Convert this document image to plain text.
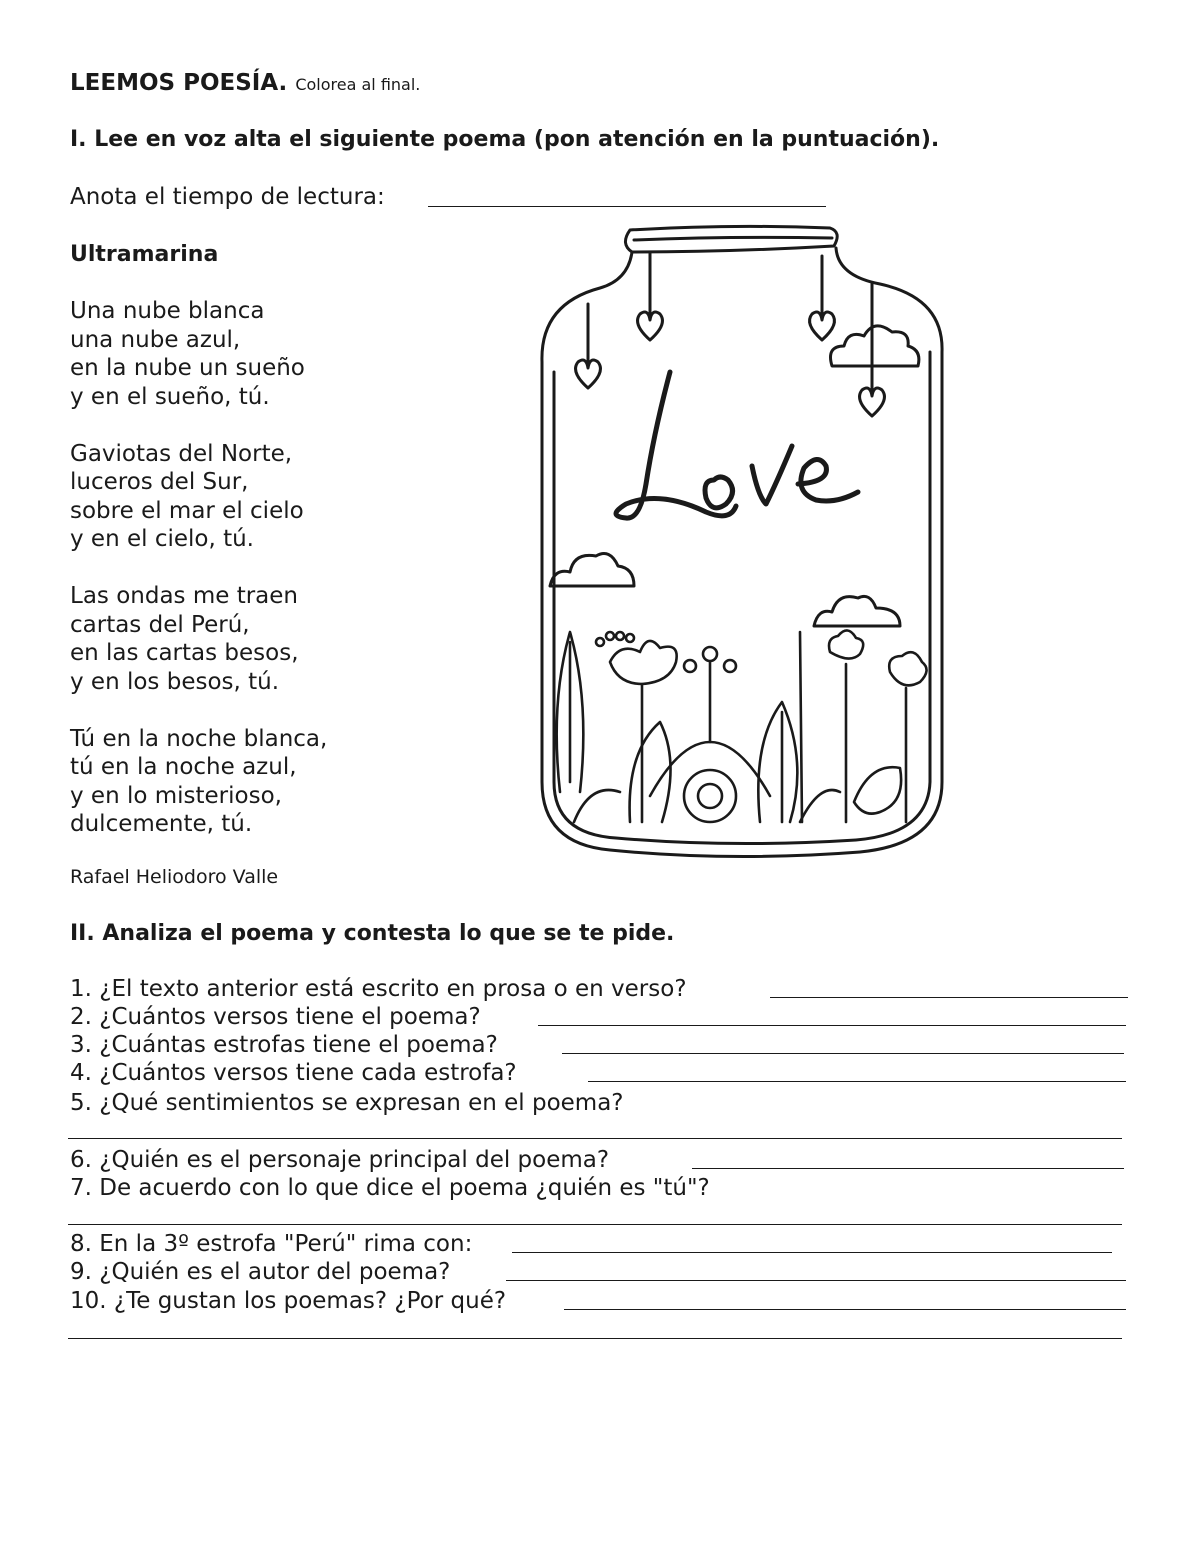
LEEMOS POESÍA. Colorea al final.
I. Lee en voz alta el siguiente poema (pon atención en la puntuación).
Anota el tiempo de lectura:
Ultramarina
Una nube blanca
una nube azul,
en la nube un sueño
y en el sueño, tú.
Gaviotas del Norte,
luceros del Sur,
sobre el mar el cielo
y en el cielo, tú.
Las ondas me traen
cartas del Perú,
en las cartas besos,
y en los besos, tú.
Tú en la noche blanca,
tú en la noche azul,
y en lo misterioso,
dulcemente, tú.
Rafael Heliodoro Valle
II. Analiza el poema y contesta lo que se te pide.
1. ¿El texto anterior está escrito en prosa o en verso?
2. ¿Cuántos versos tiene el poema?
3. ¿Cuántas estrofas tiene el poema?
4. ¿Cuántos versos tiene cada estrofa?
5. ¿Qué sentimientos se expresan en el poema?
6. ¿Quién es el personaje principal del poema?
7. De acuerdo con lo que dice el poema ¿quién es "tú"?
8. En la 3º estrofa "Perú" rima con:
9. ¿Quién es el autor del poema?
10. ¿Te gustan los poemas? ¿Por qué?
